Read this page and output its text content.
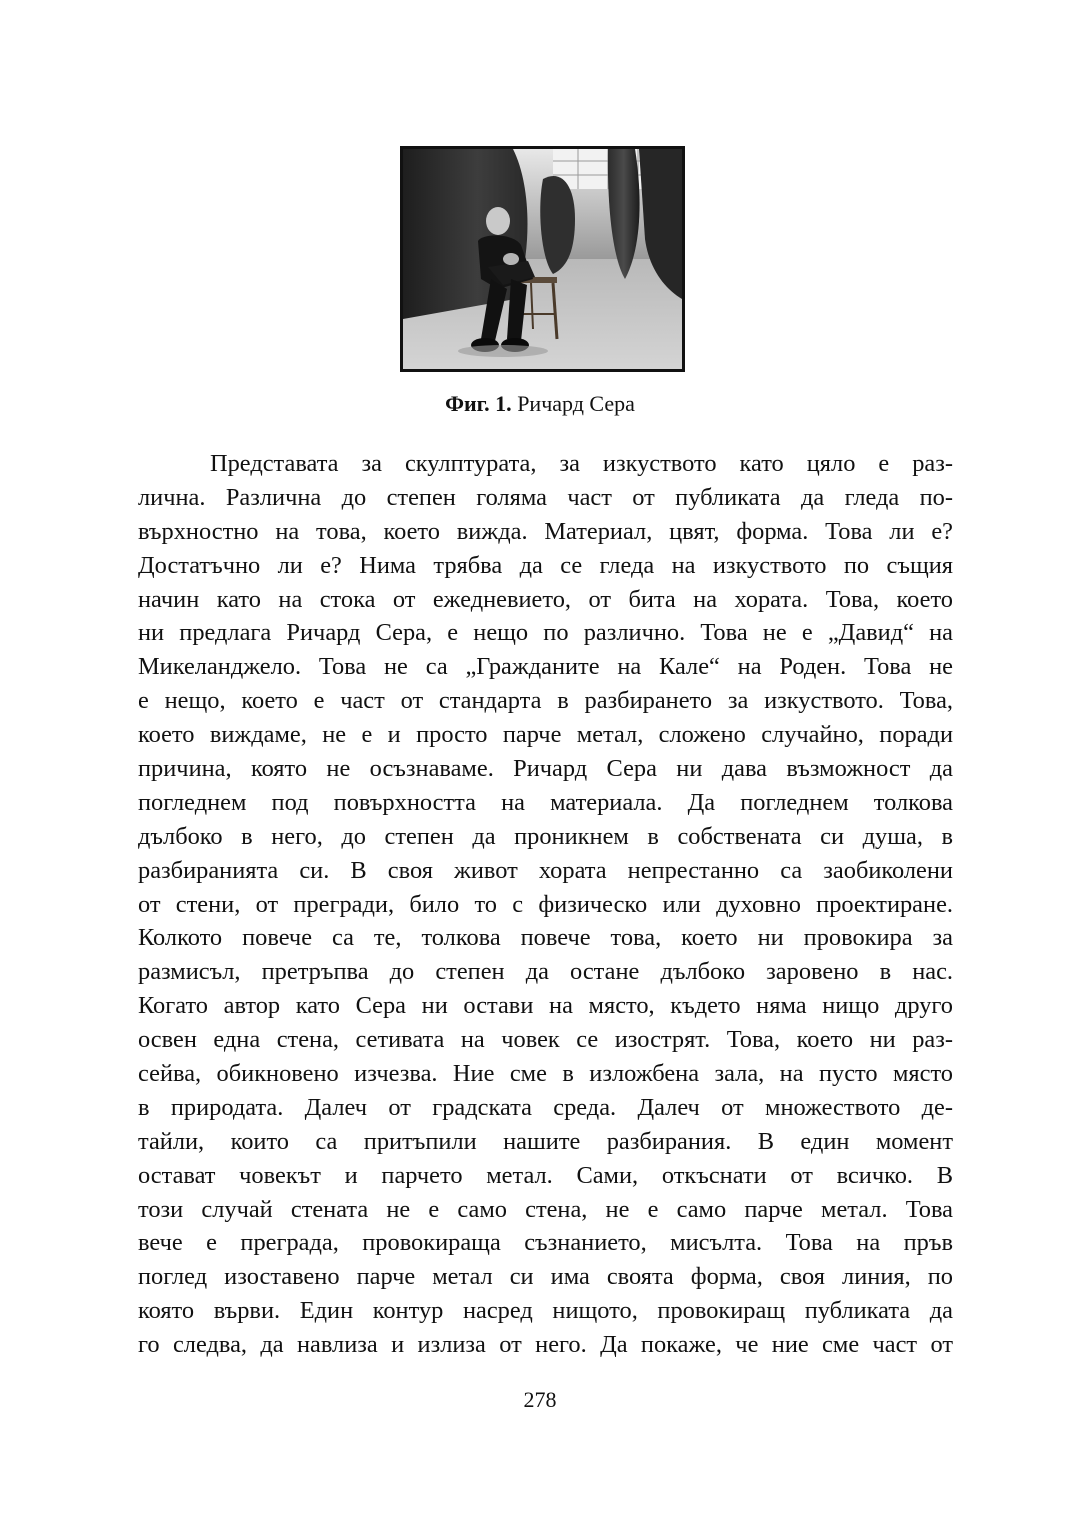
Фиг. 1. Ричард Сера
Представата за скулптурата, за изкуството като цяло е раз-
лична. Различна до степен голяма част от публиката да гледа по-
върхностно на това, което вижда. Материал, цвят, форма. Това ли е?
Достатъчно ли е? Нима трябва да се гледа на изкуството по същия
начин като на стока от ежедневието, от бита на хората. Това, което
ни предлага Ричард Сера, е нещо по различно. Това не е „Давид“ на
Микеланджело. Това не са „Гражданите на Кале“ на Роден. Това не
е нещо, което е част от стандарта в разбирането за изкуството. Това,
което виждаме, не е и просто парче метал, сложено случайно, поради
причина, която не осъзнаваме. Ричард Сера ни дава възможност да
погледнем под повърхността на материала. Да погледнем толкова
дълбоко в него, до степен да проникнем в собствената си душа, в
разбиранията си. В своя живот хората непрестанно са заобиколени
от стени, от прегради, било то с физическо или духовно проектиране.
Колкото повече са те, толкова повече това, което ни провокира за
размисъл, претръпва до степен да остане дълбоко заровено в нас.
Когато автор като Сера ни остави на място, където няма нищо друго
освен една стена, сетивата на човек се изострят. Това, което ни раз-
сейва, обикновено изчезва. Ние сме в изложбена зала, на пусто място
в природата. Далеч от градската среда. Далеч от множеството де-
тайли, които са притъпили нашите разбирания. В един момент
остават човекът и парчето метал. Сами, откъснати от всичко. В
този случай стената не е само стена, не е само парче метал. Това
вече е преграда, провокираща съзнанието, мисълта. Това на пръв
поглед изоставено парче метал си има своята форма, своя линия, по
която върви. Един контур насред нищото, провокиращ публиката да
го следва, да навлиза и излиза от него. Да покаже, че ние сме част от
278
